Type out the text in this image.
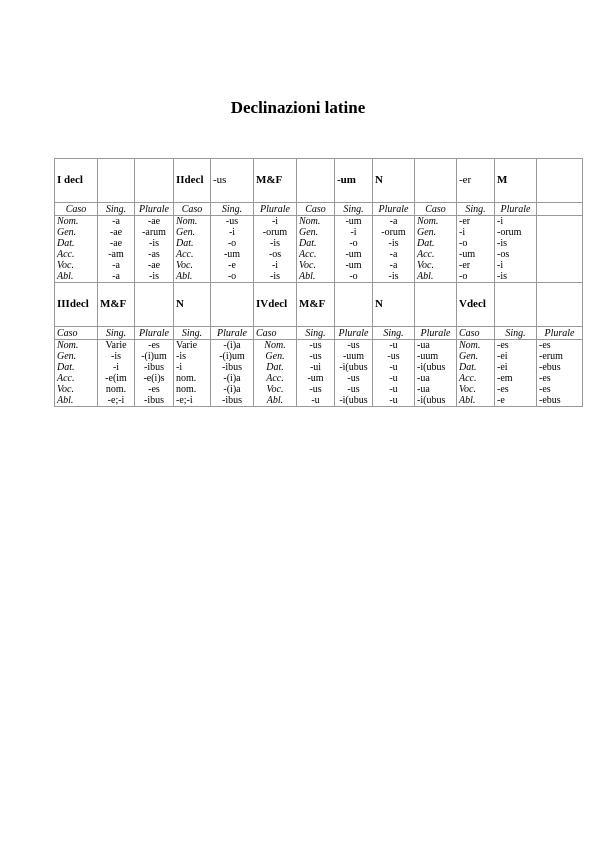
Declinazioni latine
I decl			IIdecl	-us	M&F		-um	N		-er	M	
Caso	Sing.	Plurale	Caso	Sing.	Plurale	Caso	Sing.	Plurale	Caso	Sing.	Plurale	
Nom.	-a	-ae	Nom.	-us	-i	Nom.	-um	-a	Nom.	-er	-i	
Gen.	-ae	-arum	Gen.	-i	-orum	Gen.	-i	-orum	Gen.	-i	-orum	
Dat.	-ae	-is	Dat.	-o	-is	Dat.	-o	-is	Dat.	-o	-is	
Acc.	-am	-as	Acc.	-um	-os	Acc.	-um	-a	Acc.	-um	-os	
Voc.	-a	-ae	Voc.	-e	-i	Voc.	-um	-a	Voc.	-er	-i	
Abl.	-a	-is	Abl.	-o	-is	Abl.	-o	-is	Abl.	-o	-is	
IIIdecl	M&F		N		IVdecl	M&F		N		Vdecl		
Caso	Sing.	Plurale	Sing.	Plurale	Caso	Sing.	Plurale	Sing.	Plurale	Caso	Sing.	Plurale
Nom.	Varie	-es	Varie	-(i)a	Nom.	-us	-us	-u	-ua	Nom.	-es	-es
Gen.	-is	-(i)um	-is	-(i)um	Gen.	-us	-uum	-us	-uum	Gen.	-ei	-erum
Dat.	-i	-ibus	-i	-ibus	Dat.	-ui	-i(ubus	-u	-i(ubus	Dat.	-ei	-ebus
Acc.	-e(im	-e(i)s	nom.	-(i)a	Acc.	-um	-us	-u	-ua	Acc.	-em	-es
Voc.	nom.	-es	nom.	-(i)a	Voc.	-us	-us	-u	-ua	Voc.	-es	-es
Abl.	-e;-i	-ibus	-e;-i	-ibus	Abl.	-u	-i(ubus	-u	-i(ubus	Abl.	-e	-ebus
